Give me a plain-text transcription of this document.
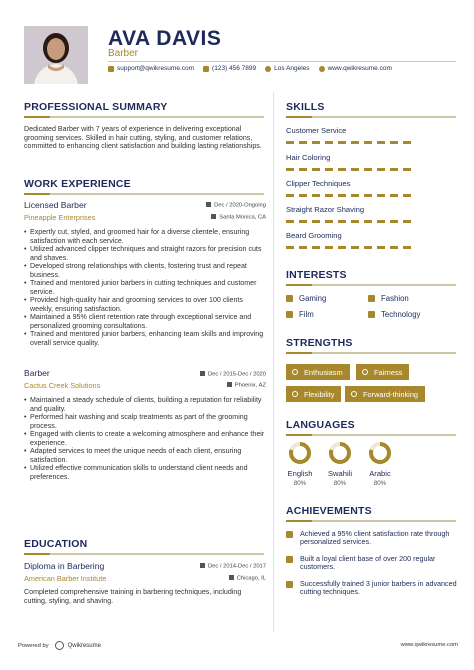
AVA DAVIS
Barber
support@qwikresume.com	(123) 456 7899	Los Angeles	www.qwikresume.com
PROFESSIONAL SUMMARY
Dedicated Barber with 7 years of experience in delivering exceptional grooming services. Skilled in hair cutting, styling, and customer relations, committed to enhancing client satisfaction and building lasting relationships.
WORK EXPERIENCE
Licensed Barber
Pineapple Enterprises
Dec / 2020-Ongoing
Santa Monica, CA
• Expertly cut, styled, and groomed hair for a diverse clientele, ensuring satisfaction with each service.
• Utilized advanced clipper techniques and straight razors for precision cuts and shaves.
• Developed strong relationships with clients, fostering trust and repeat business.
• Trained and mentored junior barbers in cutting techniques and customer service.
• Provided high-quality hair and grooming services to over 100 clients weekly, ensuring satisfaction.
• Maintained a 95% client retention rate through exceptional service and personalized grooming consultations.
• Trained and mentored junior barbers, enhancing team skills and improving overall service quality.
Barber
Cactus Creek Solutions
Dec / 2015-Dec / 2020
Phoenix, AZ
• Maintained a steady schedule of clients, building a reputation for reliability and quality.
• Performed hair washing and scalp treatments as part of the grooming process.
• Engaged with clients to create a welcoming atmosphere and enhance their experience.
• Adapted services to meet the unique needs of each client, ensuring satisfaction.
• Utilized effective communication skills to understand client needs and preferences.
EDUCATION
Diploma in Barbering
American Barber Institute
Dec / 2014-Dec / 2017
Chicago, IL
Completed comprehensive training in barbering techniques, including cutting, styling, and shaving.
SKILLS
Customer Service
Hair Coloring
Clipper Techniques
Straight Razor Shaving
Beard Grooming
INTERESTS
Gaming	Fashion
Film	Technology
STRENGTHS
Enthusiasm	Fairness
Flexibility	Forward-thinking
LANGUAGES
English
80%
Swahili
80%
Arabic
80%
ACHIEVEMENTS
Achieved a 95% client satisfaction rate through personalized services.
Built a loyal client base of over 200 regular customers.
Successfully trained 3 junior barbers in advanced cutting techniques.
Powered by	Qwikresume	www.qwikresume.com
